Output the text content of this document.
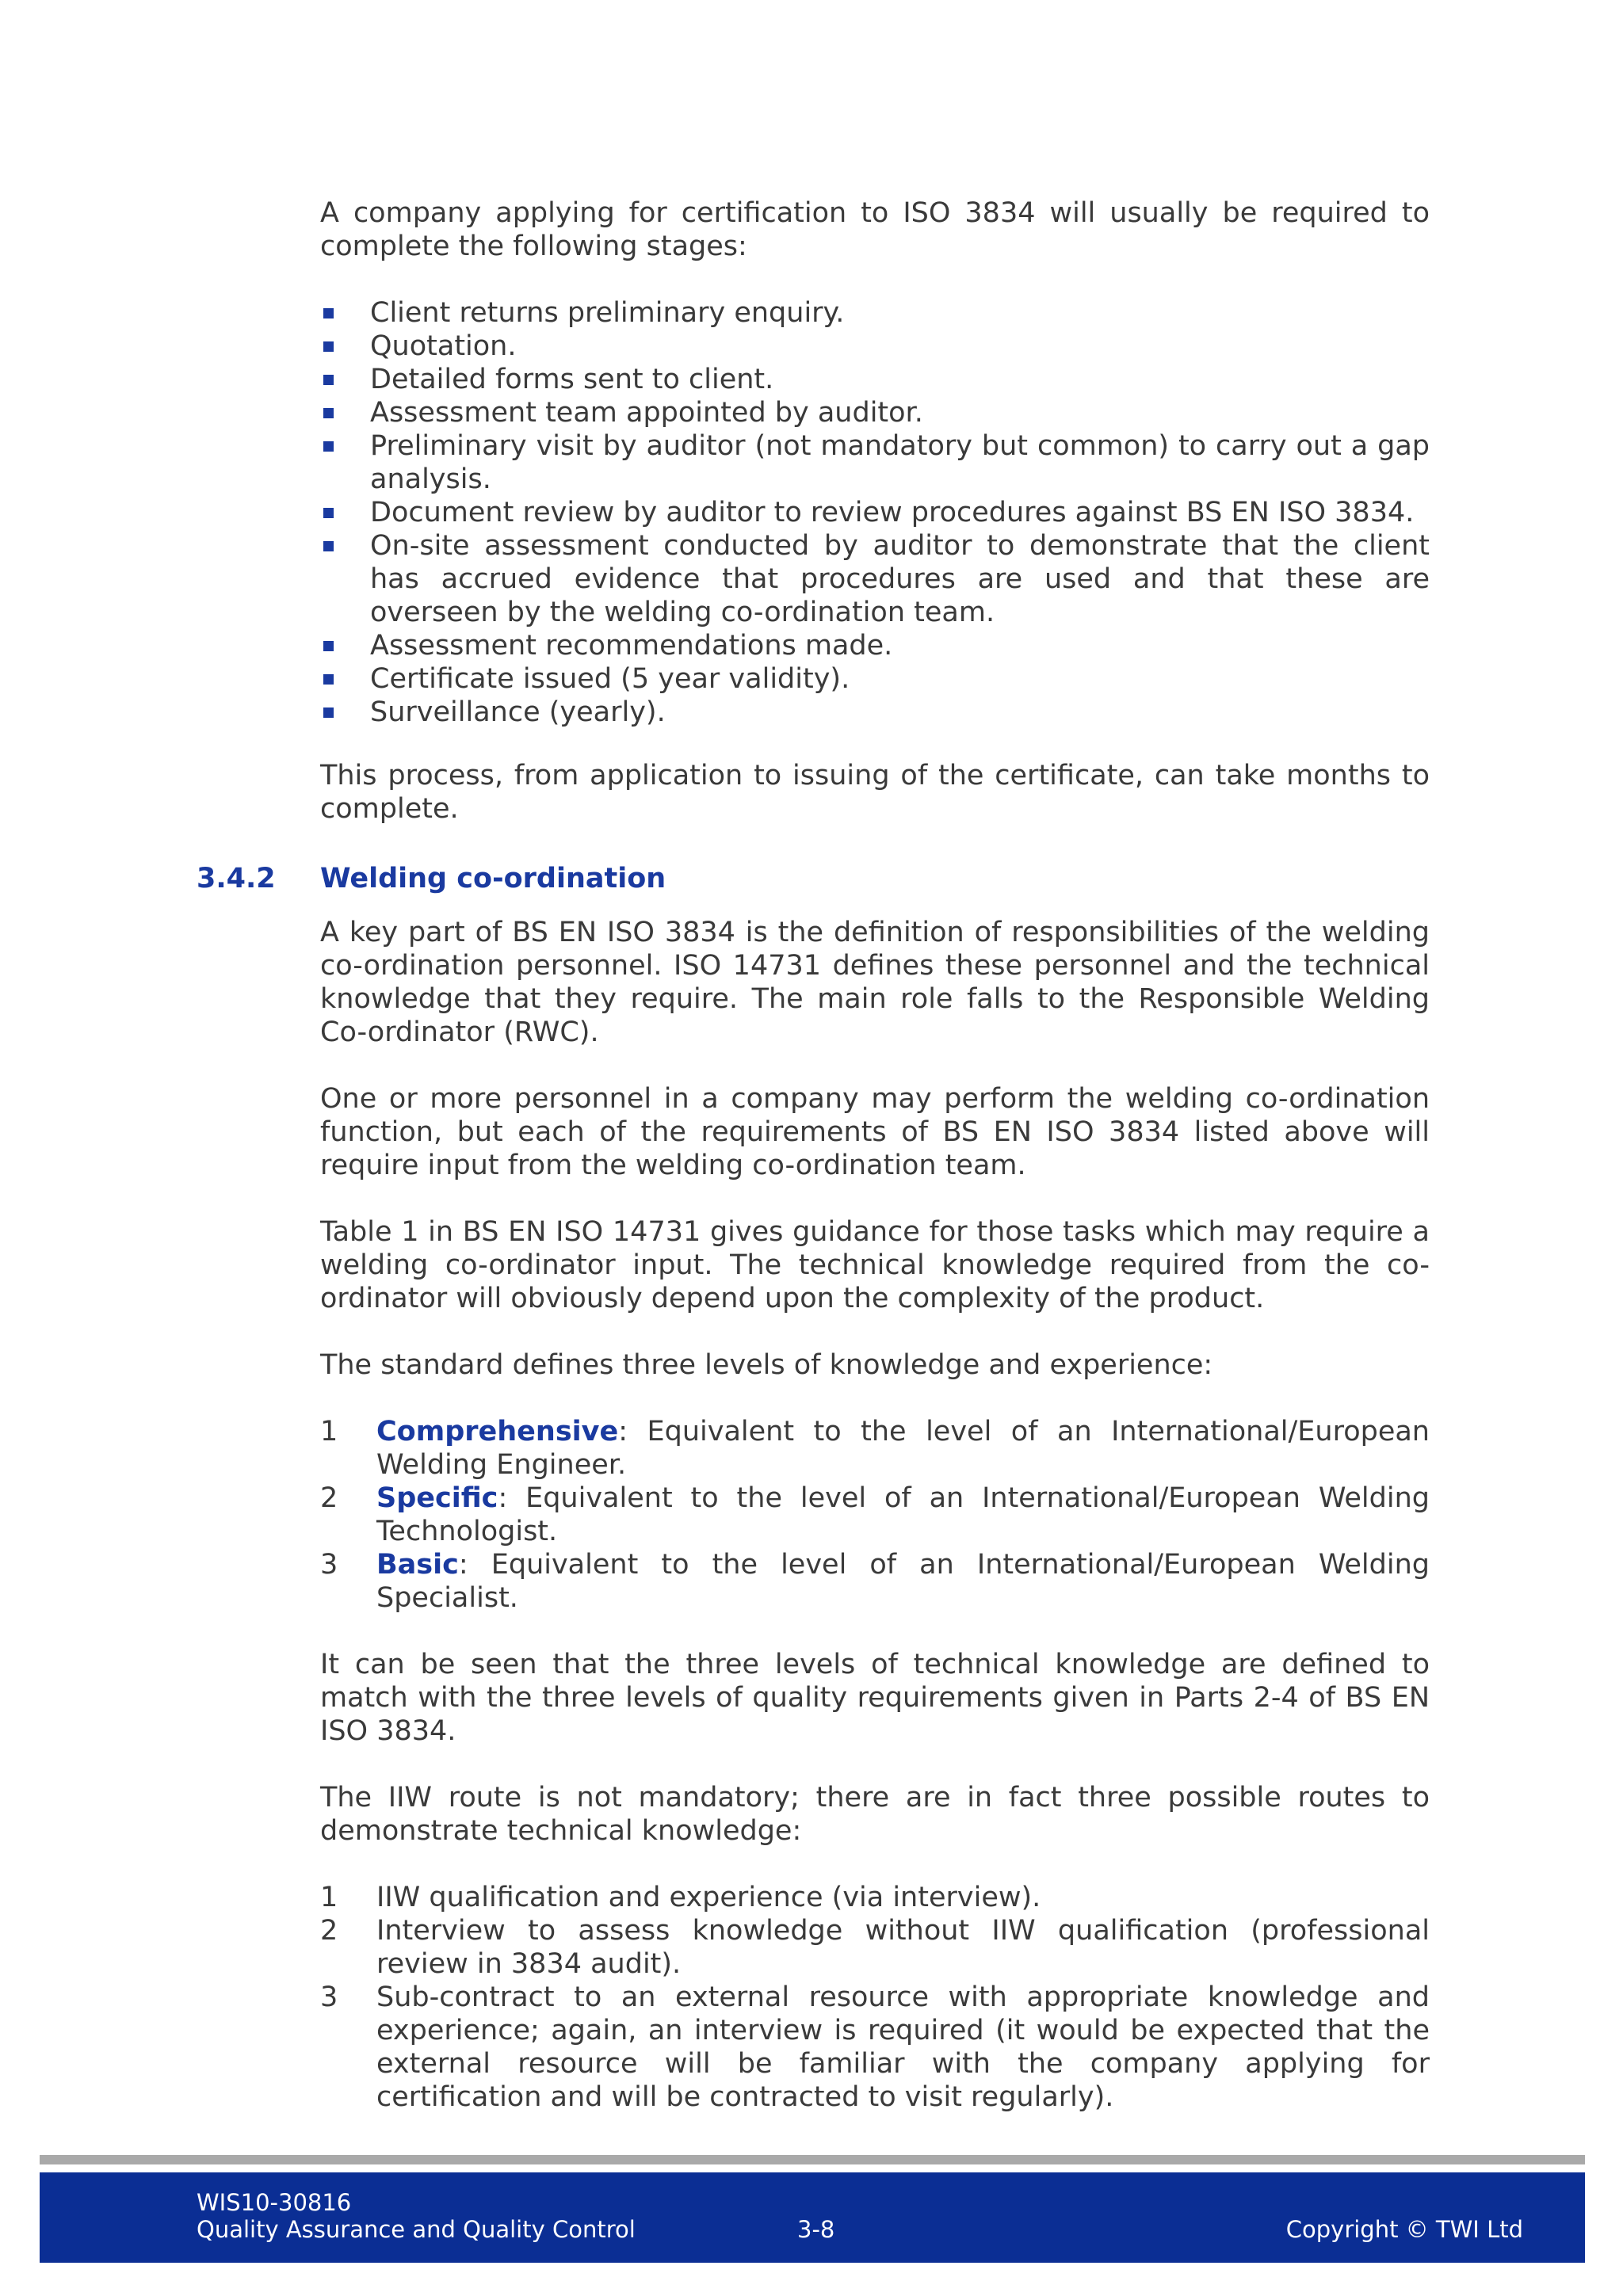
A company applying for certification to ISO 3834 will usually be required to complete the following stages:

Client returns preliminary enquiry.
Quotation.
Detailed forms sent to client.
Assessment team appointed by auditor.
Preliminary visit by auditor (not mandatory but common) to carry out a gap analysis.
Document review by auditor to review procedures against BS EN ISO 3834.
On-site assessment conducted by auditor to demonstrate that the client has accrued evidence that procedures are used and that these are overseen by the welding co-ordination team.
Assessment recommendations made.
Certificate issued (5 year validity).
Surveillance (yearly).

This process, from application to issuing of the certificate, can take months to complete.

3.4.2 Welding co-ordination

A key part of BS EN ISO 3834 is the definition of responsibilities of the welding co-ordination personnel. ISO 14731 defines these personnel and the technical knowledge that they require. The main role falls to the Responsible Welding Co-ordinator (RWC).

One or more personnel in a company may perform the welding co-ordination function, but each of the requirements of BS EN ISO 3834 listed above will require input from the welding co-ordination team.

Table 1 in BS EN ISO 14731 gives guidance for those tasks which may require a welding co-ordinator input. The technical knowledge required from the co-ordinator will obviously depend upon the complexity of the product.

The standard defines three levels of knowledge and experience:

1 Comprehensive: Equivalent to the level of an International/European Welding Engineer.
2 Specific: Equivalent to the level of an International/European Welding Technologist.
3 Basic: Equivalent to the level of an International/European Welding Specialist.

It can be seen that the three levels of technical knowledge are defined to match with the three levels of quality requirements given in Parts 2-4 of BS EN ISO 3834.

The IIW route is not mandatory; there are in fact three possible routes to demonstrate technical knowledge:

1 IIW qualification and experience (via interview).
2 Interview to assess knowledge without IIW qualification (professional review in 3834 audit).
3 Sub-contract to an external resource with appropriate knowledge and experience; again, an interview is required (it would be expected that the external resource will be familiar with the company applying for certification and will be contracted to visit regularly).
WIS10-30816
Quality Assurance and Quality Control	3-8	Copyright © TWI Ltd
